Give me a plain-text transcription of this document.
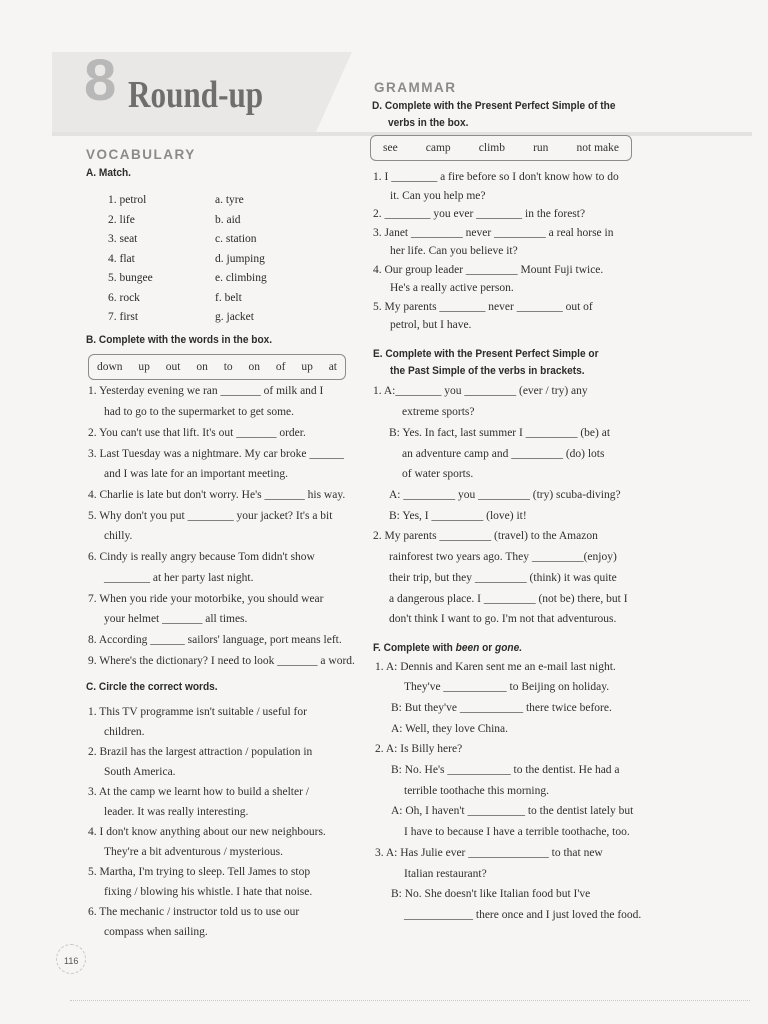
8 Round-up
VOCABULARY
A. Match.
1. petrol
2. life
3. seat
4. flat
5. bungee
6. rock
7. first
a. tyre
b. aid
c. station
d. jumping
e. climbing
f. belt
g. jacket
B. Complete with the words in the box.
down up out on to on of up at
1. Yesterday evening we ran _______ of milk and I
had to go to the supermarket to get some.
2. You can't use that lift. It's out _______ order.
3. Last Tuesday was a nightmare. My car broke ______
and I was late for an important meeting.
4. Charlie is late but don't worry. He's _______ his way.
5. Why don't you put ________ your jacket? It's a bit
chilly.
6. Cindy is really angry because Tom didn't show
________ at her party last night.
7. When you ride your motorbike, you should wear
your helmet _______ all times.
8. According ______ sailors' language, port means left.
9. Where's the dictionary? I need to look _______ a word.
C. Circle the correct words.
1. This TV programme isn't suitable / useful for
children.
2. Brazil has the largest attraction / population in
South America.
3. At the camp we learnt how to build a shelter /
leader. It was really interesting.
4. I don't know anything about our new neighbours.
They're a bit adventurous / mysterious.
5. Martha, I'm trying to sleep. Tell James to stop
fixing / blowing his whistle. I hate that noise.
6. The mechanic / instructor told us to use our
compass when sailing.
GRAMMAR
D. Complete with the Present Perfect Simple of the
verbs in the box.
see camp climb run not make
1. I ________ a fire before so I don't know how to do
it. Can you help me?
2. ________ you ever ________ in the forest?
3. Janet _________ never _________ a real horse in
her life. Can you believe it?
4. Our group leader _________ Mount Fuji twice.
He's a really active person.
5. My parents ________ never ________ out of
petrol, but I have.
E. Complete with the Present Perfect Simple or
the Past Simple of the verbs in brackets.
1. A:________ you _________ (ever / try) any
extreme sports?
B: Yes. In fact, last summer I _________ (be) at
an adventure camp and _________ (do) lots
of water sports.
A: _________ you _________ (try) scuba-diving?
B: Yes, I _________ (love) it!
2. My parents _________ (travel) to the Amazon
rainforest two years ago. They _________(enjoy)
their trip, but they _________ (think) it was quite
a dangerous place. I _________ (not be) there, but I
don't think I want to go. I'm not that adventurous.
F. Complete with been or gone.
1. A: Dennis and Karen sent me an e-mail last night.
They've ___________ to Beijing on holiday.
B: But they've ___________ there twice before.
A: Well, they love China.
2. A: Is Billy here?
B: No. He's ___________ to the dentist. He had a
terrible toothache this morning.
A: Oh, I haven't __________ to the dentist lately but
I have to because I have a terrible toothache, too.
3. A: Has Julie ever ______________ to that new
Italian restaurant?
B: No. She doesn't like Italian food but I've
____________ there once and I just loved the food.
116
